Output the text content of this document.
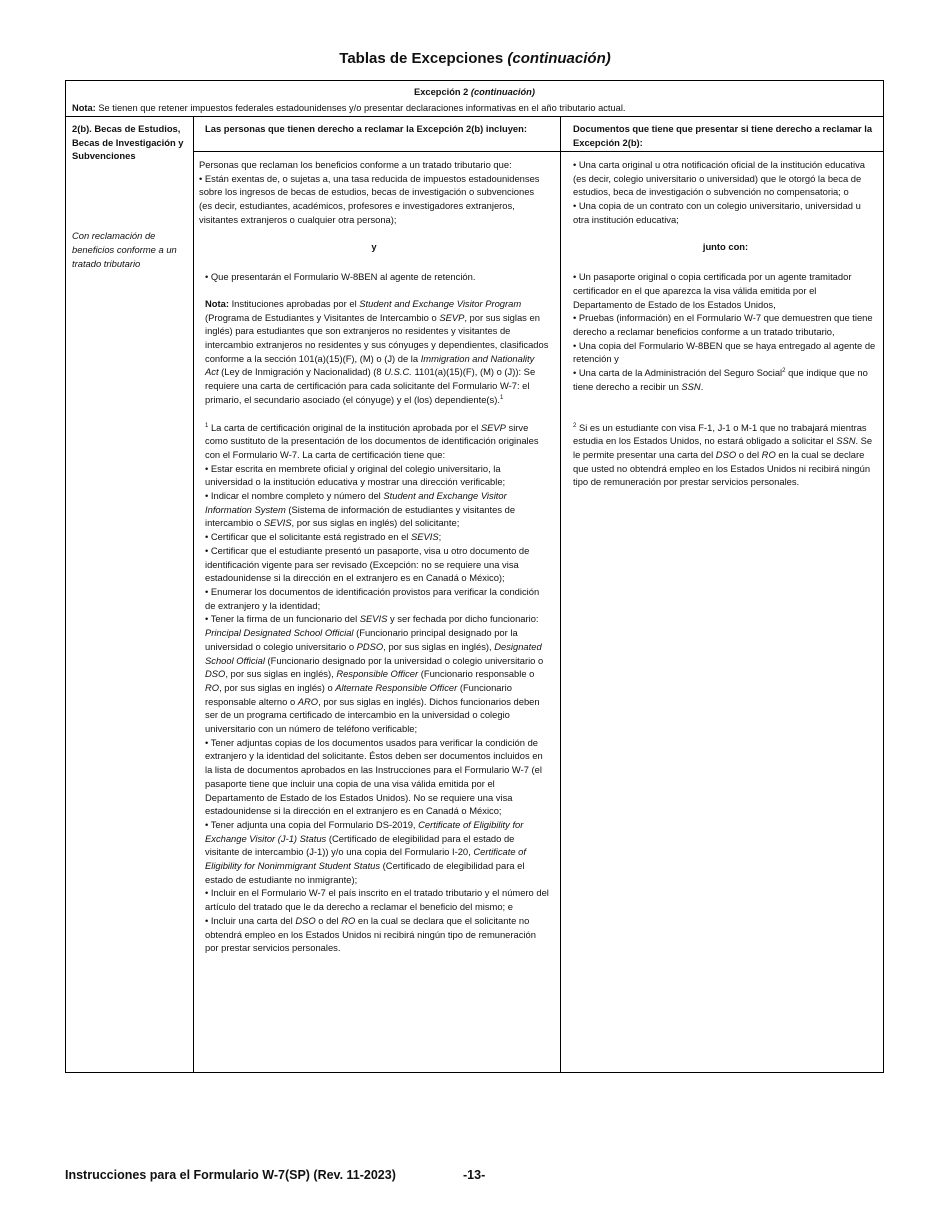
Tablas de Excepciones (continuación)
Excepción 2 (continuación)
Nota: Se tienen que retener impuestos federales estadounidenses y/o presentar declaraciones informativas en el año tributario actual.

2(b). Becas de Estudios, Becas de Investigación y Subvenciones

Con reclamación de beneficios conforme a un tratado tributario

Las personas que tienen derecho a reclamar la Excepción 2(b) incluyen:

Personas que reclaman los beneficios conforme a un tratado tributario que:

• Están exentas de, o sujetas a, una tasa reducida de impuestos estadounidenses sobre los ingresos de becas de estudios, becas de investigación o subvenciones (es decir, estudiantes, académicos, profesores e investigadores extranjeros, visitantes extranjeros o cualquier otra persona);

y

• Que presentarán el Formulario W-8BEN al agente de retención.

Nota: Instituciones aprobadas por el Student and Exchange Visitor Program (Programa de Estudiantes y Visitantes de Intercambio o SEVP, por sus siglas en inglés) para estudiantes que son extranjeros no residentes y visitantes de intercambio extranjeros no residentes y sus cónyuges y dependientes, clasificados conforme a la sección 101(a)(15)(F), (M) o (J) de la Immigration and Nationality Act (Ley de Inmigración y Nacionalidad) (8 U.S.C. 1101(a)(15)(F), (M) o (J)): Se requiere una carta de certificación para cada solicitante del Formulario W-7: el primario, el secundario asociado (el cónyuge) y el (los) dependiente(s).$^1$

$^1$ La carta de certificación original de la institución aprobada por el SEVP sirve como sustituto de la presentación de los documentos de identificación originales con el Formulario W-7. La carta de certificación tiene que:

• Estar escrita en membrete oficial y original del colegio universitario, la universidad o la institución educativa y mostrar una dirección verificable;

• Indicar el nombre completo y número del Student and Exchange Visitor Information System (Sistema de información de estudiantes y visitantes de intercambio o SEVIS, por sus siglas en inglés) del solicitante;

• Certificar que el solicitante está registrado en el SEVIS;

• Certificar que el estudiante presentó un pasaporte, visa u otro documento de identificación vigente para ser revisado (Excepción: no se requiere una visa estadounidense si la dirección en el extranjero es en Canadá o México);

• Enumerar los documentos de identificación provistos para verificar la condición de extranjero y la identidad;

• Tener la firma de un funcionario del SEVIS y ser fechada por dicho funcionario: Principal Designated School Official (Funcionario principal designado por la universidad o colegio universitario o PDSO, por sus siglas en inglés), Designated School Official (Funcionario designado por la universidad o colegio universitario o DSO, por sus siglas en inglés), Responsible Officer (Funcionario responsable o RO, por sus siglas en inglés) o Alternate Responsible Officer (Funcionario responsable alterno o ARO, por sus siglas en inglés). Dichos funcionarios deben ser de un programa certificado de intercambio en la universidad o colegio universitario con un número de teléfono verificable;

• Tener adjuntas copias de los documentos usados para verificar la condición de extranjero y la identidad del solicitante. Éstos deben ser documentos incluidos en la lista de documentos aprobados en las Instrucciones para el Formulario W-7 (el pasaporte tiene que incluir una copia de una visa válida emitida por el Departamento de Estado de los Estados Unidos). No se requiere una visa estadounidense si la dirección en el extranjero es en Canadá o México;

• Tener adjunta una copia del Formulario DS-2019, Certificate of Eligibility for Exchange Visitor (J-1) Status (Certificado de elegibilidad para el estado de visitante de intercambio (J-1)) y/o una copia del Formulario I-20, Certificate of Eligibility for Nonimmigrant Student Status (Certificado de elegibilidad para el estado de estudiante no inmigrante);

• Incluir en el Formulario W-7 el país inscrito en el tratado tributario y el número del artículo del tratado que le da derecho a reclamar el beneficio del mismo; e

• Incluir una carta del DSO o del RO en la cual se declara que el solicitante no obtendrá empleo en los Estados Unidos ni recibirá ningún tipo de remuneración por prestar servicios personales.

Documentos que tiene que presentar si tiene derecho a reclamar la Excepción 2(b):

• Una carta original u otra notificación oficial de la institución educativa (es decir, colegio universitario o universidad) que le otorgó la beca de estudios, beca de investigación o subvención no compensatoria; o

• Una copia de un contrato con un colegio universitario, universidad u otra institución educativa;

junto con:

• Un pasaporte original o copia certificada por un agente tramitador certificador en el que aparezca la visa válida emitida por el Departamento de Estado de los Estados Unidos,

• Pruebas (información) en el Formulario W-7 que demuestren que tiene derecho a reclamar beneficios conforme a un tratado tributario,

• Una copia del Formulario W-8BEN que se haya entregado al agente de retención y

• Una carta de la Administración del Seguro Social$^2$ que indique que no tiene derecho a recibir un SSN.

$^2$ Si es un estudiante con visa F-1, J-1 o M-1 que no trabajará mientras estudia en los Estados Unidos, no estará obligado a solicitar el SSN. Se le permite presentar una carta del DSO o del RO en la cual se declare que usted no obtendrá empleo en los Estados Unidos ni recibirá ningún tipo de remuneración por prestar servicios personales.

Instrucciones para el Formulario W-7(SP) (Rev. 11-2023)	-13-
